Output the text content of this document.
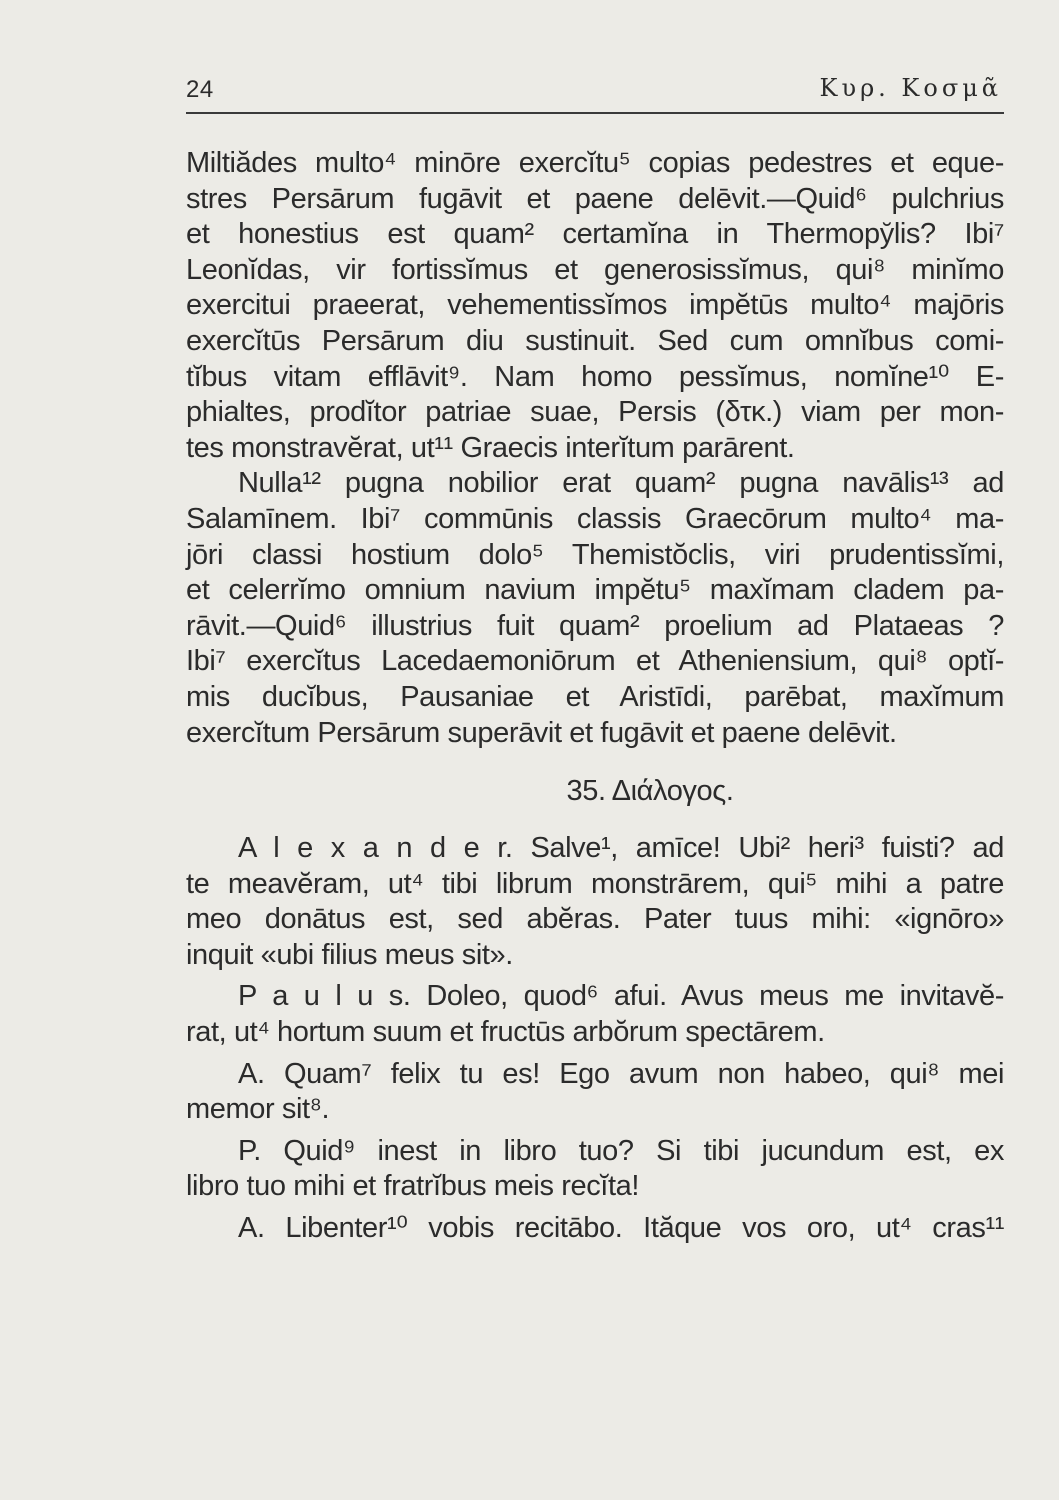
24	Κυρ. Κοσμᾶ
Miltiădes multo⁴ minōre exercĭtu⁵ copias pedestres et eque-
stres Persārum fugāvit et paene delēvit.—Quid⁶ pulchrius
et honestius est quam² certamĭna in Thermopy̆lis? Ibi⁷
Leonĭdas, vir fortissĭmus et generosissĭmus, qui⁸ minĭmo
exercitui praeerat, vehementissĭmos impĕtūs multo⁴ majōris
exercĭtūs Persārum diu sustinuit. Sed cum omnĭbus comi-
tĭbus vitam efflāvit⁹. Nam homo pessĭmus, nomĭne¹⁰ E-
phialtes, prodĭtor patriae suae, Persis (δτκ.) viam per mon-
tes monstravĕrat, ut¹¹ Graecis interĭtum parārent.
Nulla¹² pugna nobilior erat quam² pugna navālis¹³ ad
Salamīnem. Ibi⁷ commūnis classis Graecōrum multo⁴ ma-
jōri classi hostium dolo⁵ Themistŏclis, viri prudentissĭmi,
et celerrĭmo omnium navium impĕtu⁵ maxĭmam cladem pa-
rāvit.—Quid⁶ illustrius fuit quam² proelium ad Plataeas ?
Ibi⁷ exercĭtus Lacedaemoniōrum et Atheniensium, qui⁸ optĭ-
mis ducĭbus, Pausaniae et Aristīdi, parēbat, maxĭmum
exercĭtum Persārum superāvit et fugāvit et paene delēvit.
35. Διάλογος.
A l e x a n d e r. Salve¹, amīce! Ubi² heri³ fuisti? ad
te meavĕram, ut⁴ tibi librum monstrārem, qui⁵ mihi a patre
meo donātus est, sed abĕras. Pater tuus mihi: «ignōro»
inquit «ubi filius meus sit».
P a u l u s. Doleo, quod⁶ afui. Avus meus me invitavĕ-
rat, ut⁴ hortum suum et fructūs arbŏrum spectārem.
A. Quam⁷ felix tu es! Ego avum non habeo, qui⁸ mei
memor sit⁸.
P. Quid⁹ inest in libro tuo? Si tibi jucundum est, ex
libro tuo mihi et fratrĭbus meis recĭta!
A. Libenter¹⁰ vobis recitābo. Ităque vos oro, ut⁴ cras¹¹
